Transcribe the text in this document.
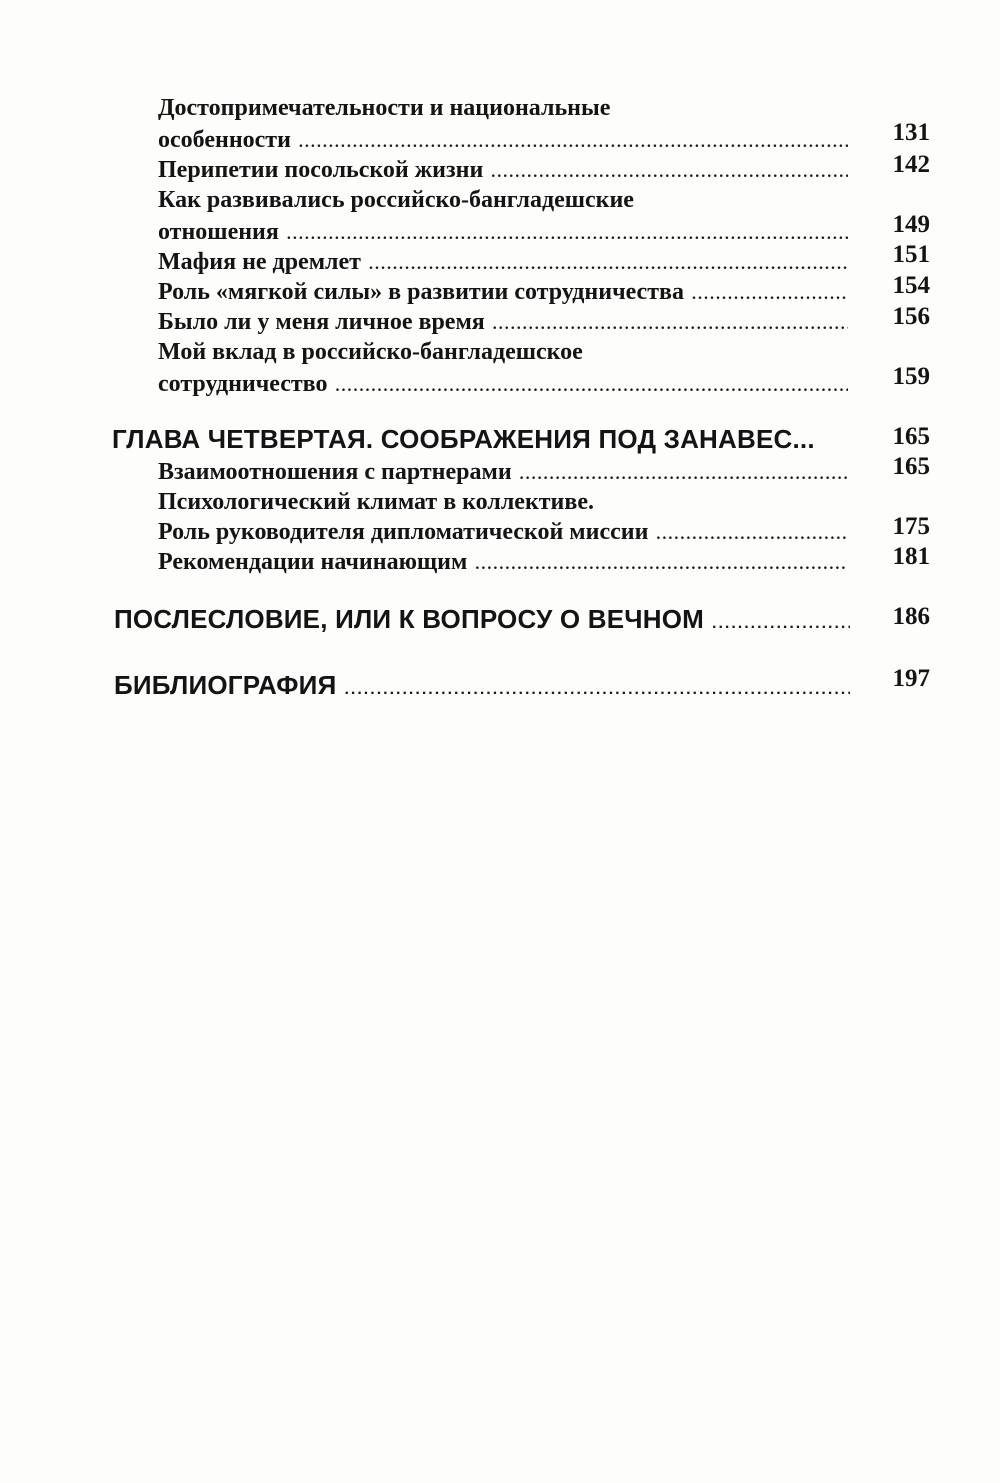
Достопримечательности и национальные
особенности .....	131
Перипетии посольской жизни .....	142
Как развивались российско-бангладешские
отношения .....	149
Мафия не дремлет .....	151
Роль «мягкой силы» в развитии сотрудничества .....	154
Было ли у меня личное время .....	156
Мой вклад в российско-бангладешское
сотрудничество .....	159
ГЛАВА ЧЕТВЕРТАЯ. СООБРАЖЕНИЯ ПОД ЗАНАВЕС ...	165
Взаимоотношения с партнерами .....	165
Психологический климат в коллективе.
Роль руководителя дипломатической миссии .....	175
Рекомендации начинающим .....	181
ПОСЛЕСЛОВИЕ, ИЛИ К ВОПРОСУ О ВЕЧНОМ .....	186
БИБЛИОГРАФИЯ .....	197
